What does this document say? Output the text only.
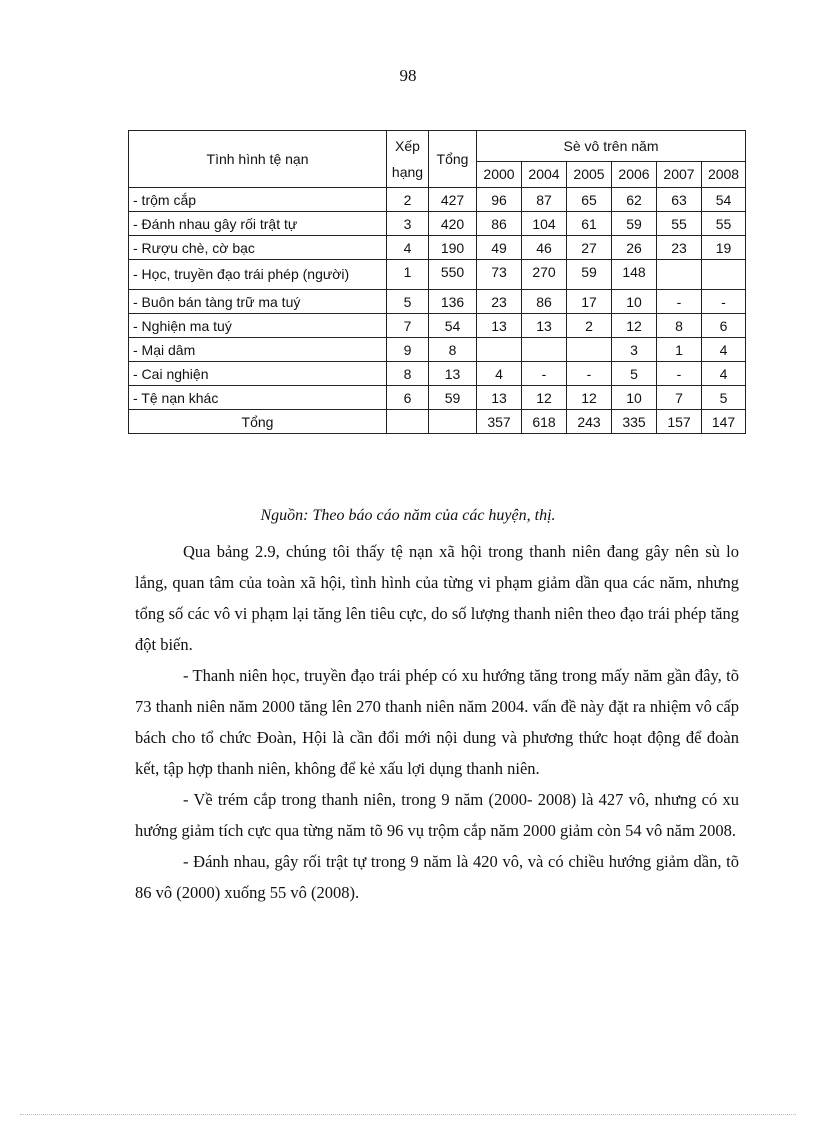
98
Tình hình tệ nạn	Xếp
hạng	Tổng	Sè vô trên năm					
			2000	2004	2005	2006	2007	2008
- trộm cắp	2	427	96	87	65	62	63	54
- Đánh nhau gây rối trật tự	3	420	86	104	61	59	55	55
- Rượu chè, cờ bạc	4	190	49	46	27	26	23	19
- Học, truyền đạo trái phép (người)	1	550	73	270	59	148		
- Buôn bán tàng trữ ma tuý	5	136	23	86	17	10	-	-
- Nghiện ma tuý	7	54	13	13	2	12	8	6
- Mại dâm	9	8				3	1	4
- Cai nghiện	8	13	4	-	-	5	-	4
- Tệ nạn khác	6	59	13	12	12	10	7	5
Tổng			357	618	243	335	157	147
Nguồn: Theo báo cáo năm của các huyện, thị.

Qua bảng 2.9, chúng tôi thấy tệ nạn xã hội trong thanh niên đang gây nên sù lo lắng, quan tâm của toàn xã hội, tình hình của từng vi phạm giảm dần qua các năm, nhưng tổng số các vô vi phạm lại tăng lên tiêu cực, do số lượng thanh niên theo đạo trái phép tăng đột biến.

- Thanh niên học, truyền đạo trái phép có xu hướng tăng trong mấy năm gần đây, tõ 73 thanh niên năm 2000 tăng lên 270 thanh niên năm 2004. vấn đề này đặt ra nhiệm vô cấp bách cho tổ chức Đoàn, Hội là cần đổi mới nội dung và phương thức hoạt động để đoàn kết, tập hợp thanh niên, không để kẻ xấu lợi dụng thanh niên.

- Về trém cắp trong thanh niên, trong 9 năm (2000- 2008) là 427 vô, nhưng có xu hướng giảm tích cực qua từng năm tõ 96 vụ trộm cắp năm 2000 giảm còn 54 vô năm 2008.

- Đánh nhau, gây rối trật tự trong 9 năm là 420 vô, và có chiều hướng giảm dần, tõ 86 vô (2000) xuống 55 vô (2008).
